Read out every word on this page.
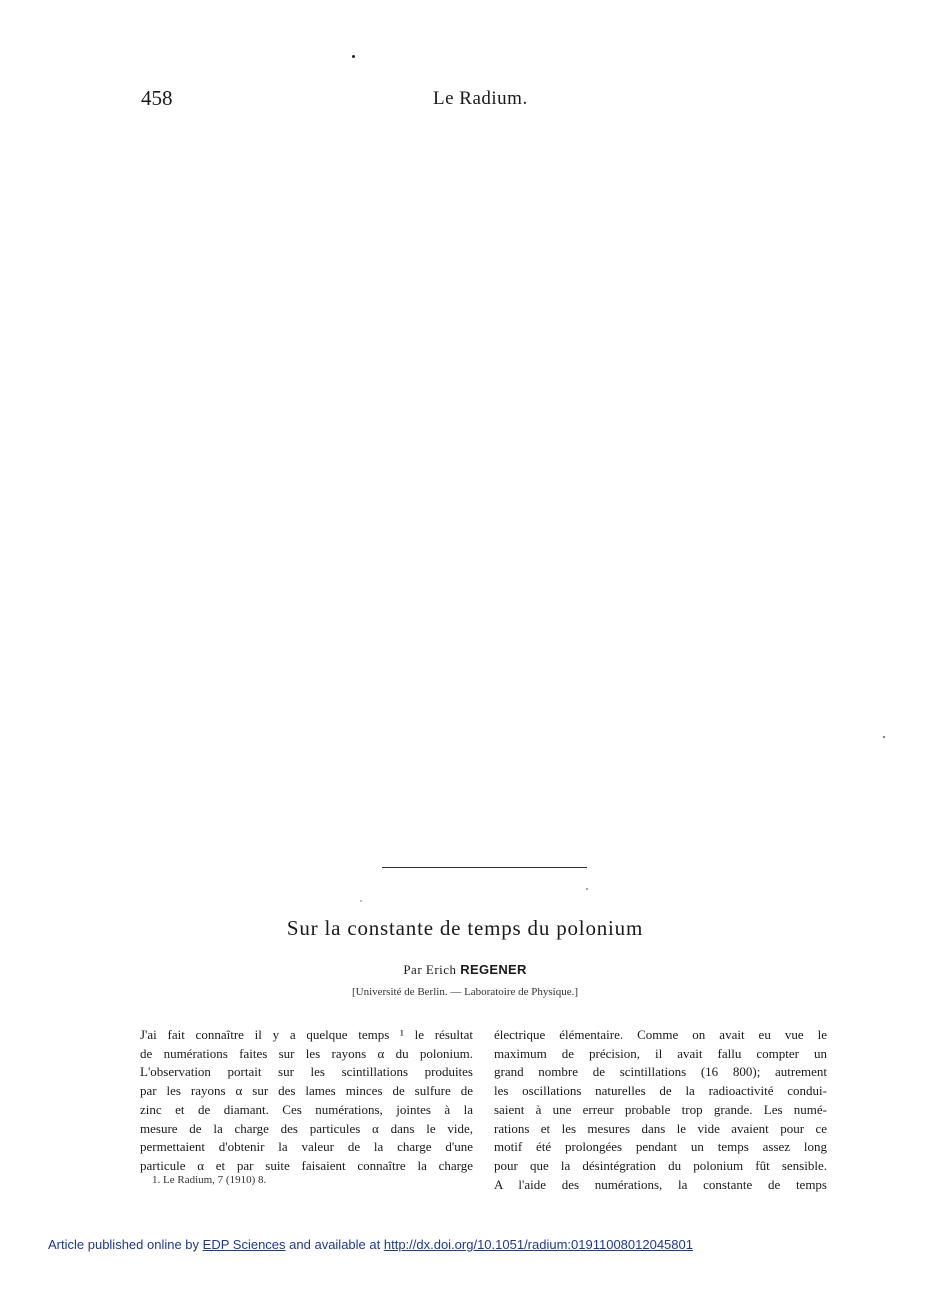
458	Le Radium.
Sur la constante de temps du polonium
Par Erich REGENER
[Université de Berlin. — Laboratoire de Physique.]
J'ai fait connaître il y a quelque temps ¹ le résultat
de numérations faites sur les rayons α du polonium.
L'observation portait sur les scintillations produites
par les rayons α sur des lames minces de sulfure de
zinc et de diamant. Ces numérations, jointes à la
mesure de la charge des particules α dans le vide,
permettaient d'obtenir la valeur de la charge d'une
particule α et par suite faisaient connaître la charge
1. Le Radium, 7 (1910) 8.
électrique élémentaire. Comme on avait eu vue le
maximum de précision, il avait fallu compter un
grand nombre de scintillations (16 800); autrement
les oscillations naturelles de la radioactivité condui-
saient à une erreur probable trop grande. Les numé-
rations et les mesures dans le vide avaient pour ce
motif été prolongées pendant un temps assez long
pour que la désintégration du polonium fût sensible.
A l'aide des numérations, la constante de temps
Article published online by EDP Sciences and available at http://dx.doi.org/10.1051/radium:01911008012045801
